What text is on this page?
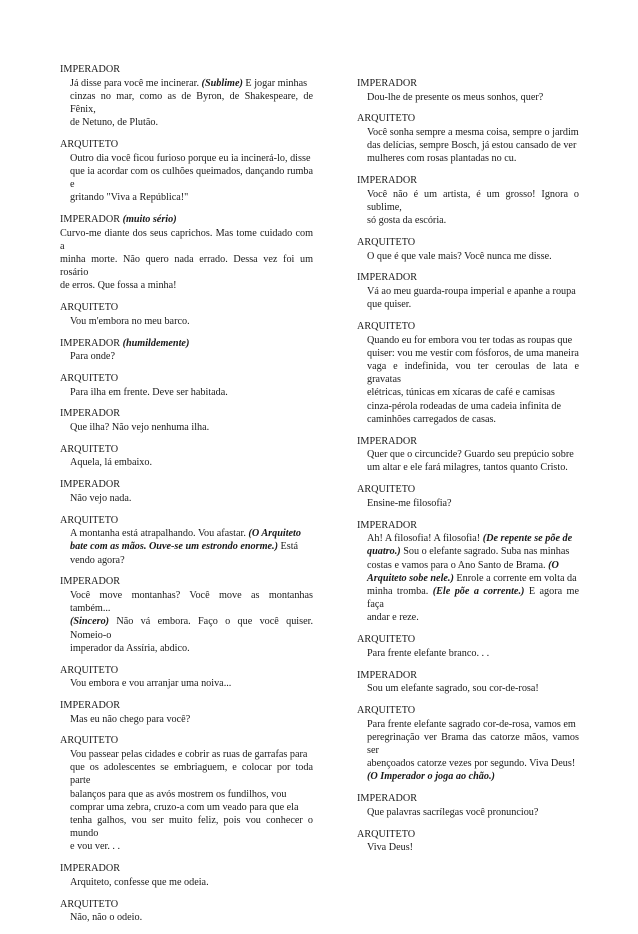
IMPERADOR

Já disse para você me incinerar. (Sublime) E jogar minhas

cinzas no mar, como as de Byron, de Shakespeare, de Fênix,

de Netuno, de Plutão.

ARQUITETO

Outro dia você ficou furioso porque eu ia incinerá-lo, disse

que ia acordar com os culhões queimados, dançando rumba e

gritando "Viva a República!"

IMPERADOR (muito sério)

Curvo-me diante dos seus caprichos. Mas tome cuidado com a

minha morte. Não quero nada errado. Dessa vez foi um rosário

de erros. Que fossa a minha!

ARQUITETO

Vou m'embora no meu barco.

IMPERADOR (humildemente)

Para onde?

ARQUITETO

Para ilha em frente. Deve ser habitada.

IMPERADOR

Que ilha? Não vejo nenhuma ilha.

ARQUITETO

Aquela, lá embaixo.

IMPERADOR

Não vejo nada.

ARQUITETO

A montanha está atrapalhando. Vou afastar. (O Arquiteto

bate com as mãos. Ouve-se um estrondo enorme.) Está

vendo agora?

IMPERADOR

Você move montanhas? Você move as montanhas também...

(Sincero) Não vá embora. Faço o que você quiser. Nomeio-o

imperador da Assíria, abdico.

ARQUITETO

Vou embora e vou arranjar uma noiva...

IMPERADOR

Mas eu não chego para você?

ARQUITETO

Vou passear pelas cidades e cobrir as ruas de garrafas para

que os adolescentes se embriaguem, e colocar por toda parte

balanços para que as avós mostrem os fundilhos, vou

comprar uma zebra, cruzo-a com um veado para que ela

tenha galhos, vou ser muito feliz, pois vou conhecer o mundo

e vou ver. . .

IMPERADOR

Arquiteto, confesse que me odeia.

ARQUITETO

Não, não o odeio.

IMPERADOR

Dou-lhe de presente os meus sonhos, quer?

ARQUITETO

Você sonha sempre a mesma coisa, sempre o jardim

das delícias, sempre Bosch, já estou cansado de ver

mulheres com rosas plantadas no cu.

IMPERADOR

Você não é um artista, é um grosso! Ignora o sublime,

só gosta da escória.

ARQUITETO

O que é que vale mais? Você nunca me disse.

IMPERADOR

Vá ao meu guarda-roupa imperial e apanhe a roupa

que quiser.

ARQUITETO

Quando eu for embora vou ter todas as roupas que

quiser: vou me vestir com fósforos, de uma maneira

vaga e indefinida, vou ter ceroulas de lata e gravatas

elétricas, túnicas em xícaras de café e camisas

cinza-pérola rodeadas de uma cadeia infinita de

caminhões carregados de casas.

IMPERADOR

Quer que o circuncide? Guardo seu prepúcio sobre

um altar e ele fará milagres, tantos quanto Cristo.

ARQUITETO

Ensine-me filosofia?

IMPERADOR

Ah! A filosofia! A filosofia! (De repente se põe de

quatro.) Sou o elefante sagrado. Suba nas minhas

costas e vamos para o Ano Santo de Brama. (O

Arquiteto sobe nele.) Enrole a corrente em volta da

minha tromba. (Ele põe a corrente.) E agora me faça

andar e reze.

ARQUITETO

Para frente elefante branco. . .

IMPERADOR

Sou um elefante sagrado, sou cor-de-rosa!

ARQUITETO

Para frente elefante sagrado cor-de-rosa, vamos em

peregrinação ver Brama das catorze mãos, vamos ser

abençoados catorze vezes por segundo. Viva Deus!

(O Imperador o joga ao chão.)

IMPERADOR

Que palavras sacrílegas você pronunciou?

ARQUITETO

Viva Deus!
